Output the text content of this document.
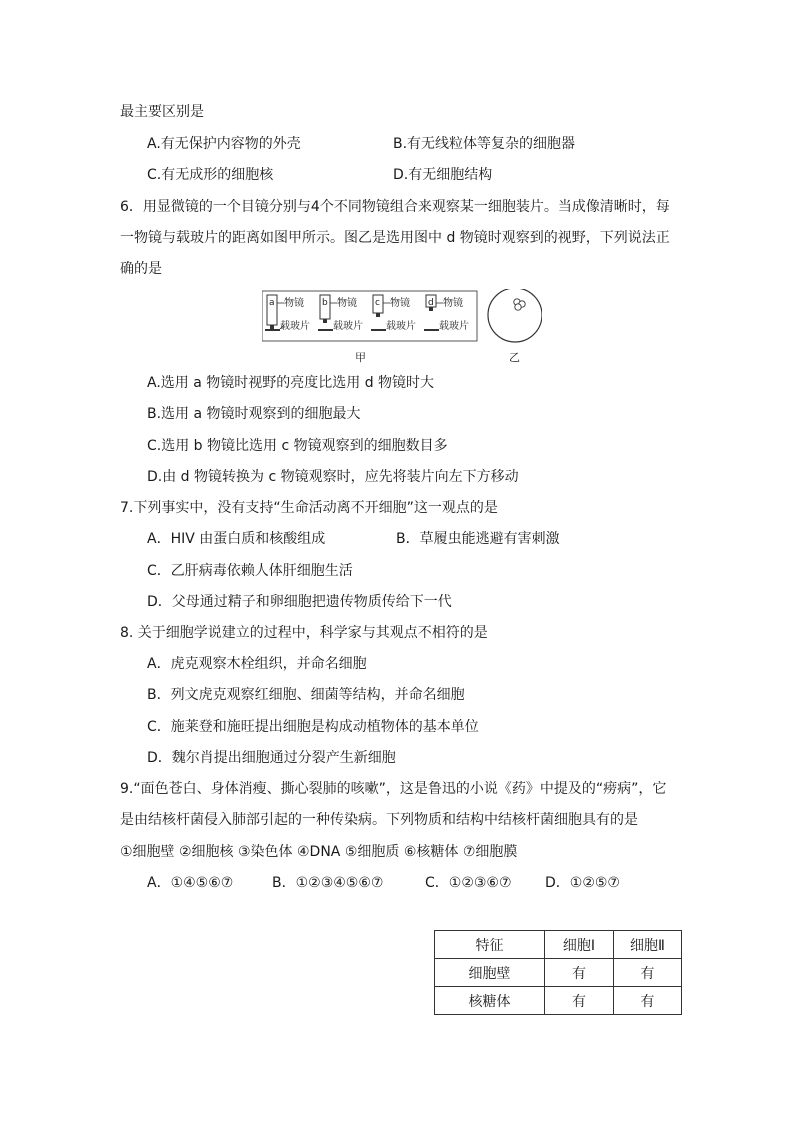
最主要区别是
A.有无保护内容物的外壳	B.有无线粒体等复杂的细胞器
C.有无成形的细胞核	D.有无细胞结构
6．用显微镜的一个目镜分别与4个不同物镜组合来观察某一细胞装片。当成像清晰时，每
一物镜与载玻片的距离如图甲所示。图乙是选用图中 d 物镜时观察到的视野，下列说法正
确的是
a 物镜
载玻片
b 物镜
载玻片
c 物镜
载玻片
d 物镜
载玻片
甲	乙
A.选用 a 物镜时视野的亮度比选用 d 物镜时大
B.选用 a 物镜时观察到的细胞最大
C.选用 b 物镜比选用 c 物镜观察到的细胞数目多
D.由 d 物镜转换为 c 物镜观察时，应先将装片向左下方移动
7.下列事实中，没有支持“生命活动离不开细胞”这一观点的是
A．HIV 由蛋白质和核酸组成	B．草履虫能逃避有害刺激
C．乙肝病毒依赖人体肝细胞生活
D．父母通过精子和卵细胞把遗传物质传给下一代
8. 关于细胞学说建立的过程中，科学家与其观点不相符的是
A．虎克观察木栓组织，并命名细胞
B．列文虎克观察红细胞、细菌等结构，并命名细胞
C．施莱登和施旺提出细胞是构成动植物体的基本单位
D．魏尔肖提出细胞通过分裂产生新细胞
9.“面色苍白、身体消瘦、撕心裂肺的咳嗽”，这是鲁迅的小说《药》中提及的“痨病”，它
是由结核杆菌侵入肺部引起的一种传染病。下列物质和结构中结核杆菌细胞具有的是
①细胞壁 ②细胞核 ③染色体 ④DNA ⑤细胞质 ⑥核糖体 ⑦细胞膜
A．①④⑤⑥⑦	B．①②③④⑤⑥⑦	C．①②③⑥⑦ D．①②⑤⑦
特征	细胞Ⅰ	细胞Ⅱ
细胞壁	有	有
核糖体	有	有
